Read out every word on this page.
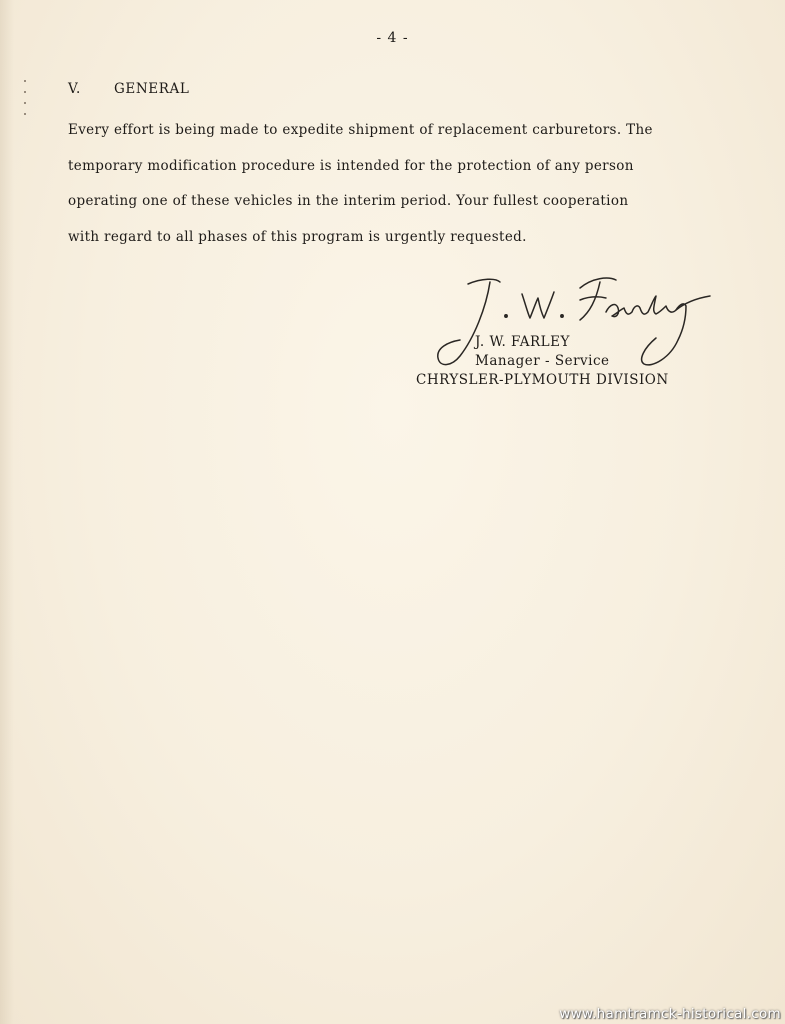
- 4 -
V. GENERAL
Every effort is being made to expedite shipment of replacement carburetors. The
temporary modification procedure is intended for the protection of any person
operating one of these vehicles in the interim period. Your fullest cooperation
with regard to all phases of this program is urgently requested.
J. W. FARLEY
Manager - Service
CHRYSLER-PLYMOUTH DIVISION
www.hamtramck-historical.com
